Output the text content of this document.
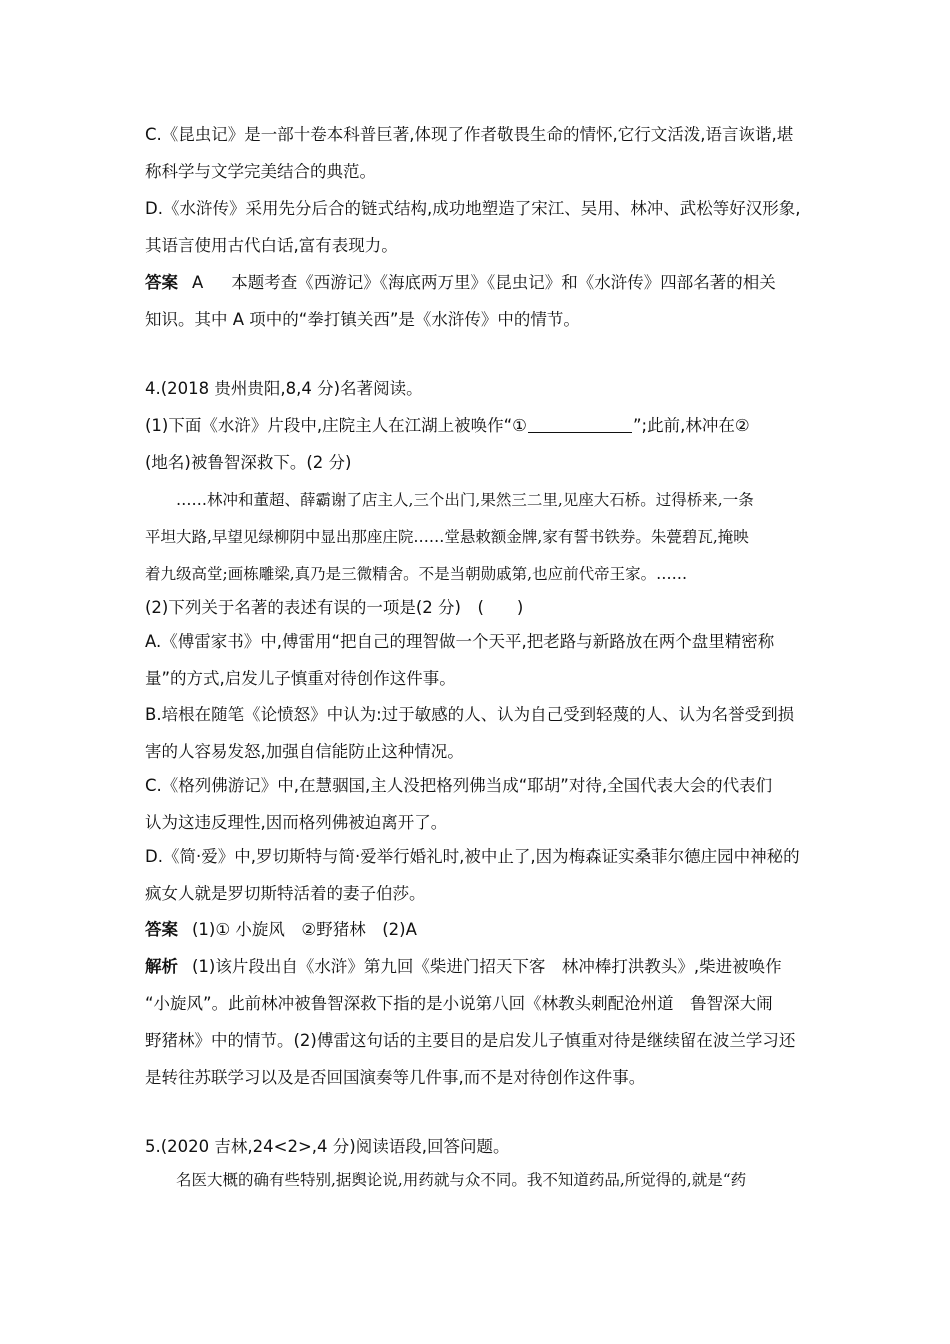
C.《昆虫记》是一部十卷本科普巨著,体现了作者敬畏生命的情怀,它行文活泼,语言诙谐,堪
称科学与文学完美结合的典范。
D.《水浒传》采用先分后合的链式结构,成功地塑造了宋江、吴用、林冲、武松等好汉形象,
其语言使用古代白话,富有表现力。
答案 A 本题考查《西游记》《海底两万里》《昆虫记》和《水浒传》四部名著的相关
知识。其中 A 项中的“拳打镇关西”是《水浒传》中的情节。
4.(2018 贵州贵阳,8,4 分)名著阅读。
(1)下面《水浒》片段中,庄院主人在江湖上被唤作“①	”;此前,林冲在②
(地名)被鲁智深救下。(2 分)
……林冲和董超、薛霸谢了店主人,三个出门,果然三二里,见座大石桥。过得桥来,一条
平坦大路,早望见绿柳阴中显出那座庄院……堂悬敕额金牌,家有誓书铁券。朱甍碧瓦,掩映
着九级高堂;画栋雕梁,真乃是三微精舍。不是当朝勋戚第,也应前代帝王家。……
(2)下列关于名著的表述有误的一项是(2 分)　(　　)
A.《傅雷家书》中,傅雷用“把自己的理智做一个天平,把老路与新路放在两个盘里精密称
量”的方式,启发儿子慎重对待创作这件事。
B.培根在随笔《论愤怒》中认为:过于敏感的人、认为自己受到轻蔑的人、认为名誉受到损
害的人容易发怒,加强自信能防止这种情况。
C.《格列佛游记》中,在慧骃国,主人没把格列佛当成“耶胡”对待,全国代表大会的代表们
认为这违反理性,因而格列佛被迫离开了。
D.《简·爱》中,罗切斯特与简·爱举行婚礼时,被中止了,因为梅森证实桑菲尔德庄园中神秘的
疯女人就是罗切斯特活着的妻子伯莎。
答案 (1)① 小旋风　②野猪林　(2)A
解析 (1)该片段出自《水浒》第九回《柴进门招天下客　林冲棒打洪教头》,柴进被唤作
“小旋风”。此前林冲被鲁智深救下指的是小说第八回《林教头刺配沧州道　鲁智深大闹
野猪林》中的情节。(2)傅雷这句话的主要目的是启发儿子慎重对待是继续留在波兰学习还
是转往苏联学习以及是否回国演奏等几件事,而不是对待创作这件事。
5.(2020 吉林,24<2>,4 分)阅读语段,回答问题。
名医大概的确有些特别,据舆论说,用药就与众不同。我不知道药品,所觉得的,就是“药
